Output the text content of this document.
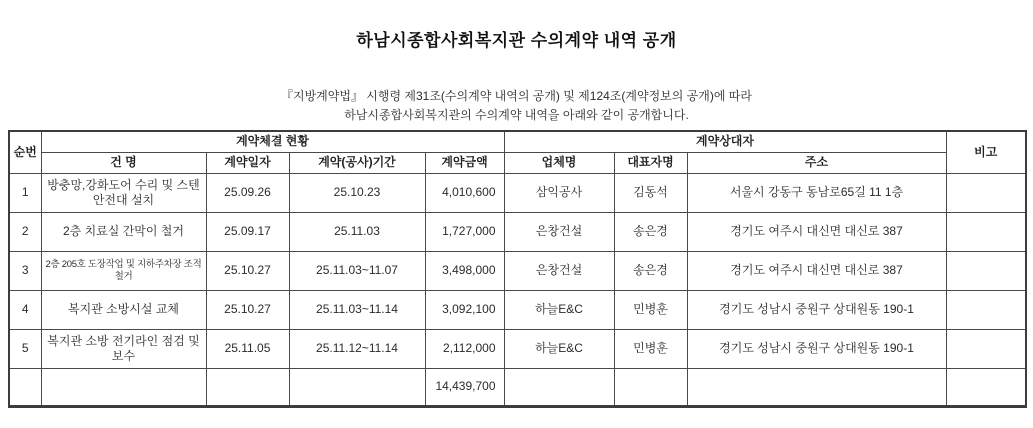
하남시종합사회복지관 수의계약 내역 공개
『지방계약법』 시행령 제31조(수의계약 내역의 공개) 및 제124조(계약정보의 공개)에 따라
하남시종합사회복지관의 수의계약 내역을 아래와 같이 공개합니다.
순번	계약체결 현황				계약상대자			비고
	건 명	계약일자	계약(공사)기간	계약금액	업체명	대표자명	주소	
1	방충망,강화도어 수리 및 스텐안전대 설치	25.09.26	25.10.23	4,010,600	삼익공사	김동석	서울시 강동구 동남로65길 11 1층	
2	2층 치료실 간막이 철거	25.09.17	25.11.03	1,727,000	은창건설	송은경	경기도 여주시 대신면 대신로 387	
3	2층 205호 도장작업 및 지하주차장 조적철거	25.10.27	25.11.03~11.07	3,498,000	은창건설	송은경	경기도 여주시 대신면 대신로 387	
4	복지관 소방시설 교체	25.10.27	25.11.03~11.14	3,092,100	하늘E&C	민병훈	경기도 성남시 중원구 상대원동 190-1	
5	복지관 소방 전기라인 점검 및 보수	25.11.05	25.11.12~11.14	2,112,000	하늘E&C	민병훈	경기도 성남시 중원구 상대원동 190-1	
				14,439,700				
